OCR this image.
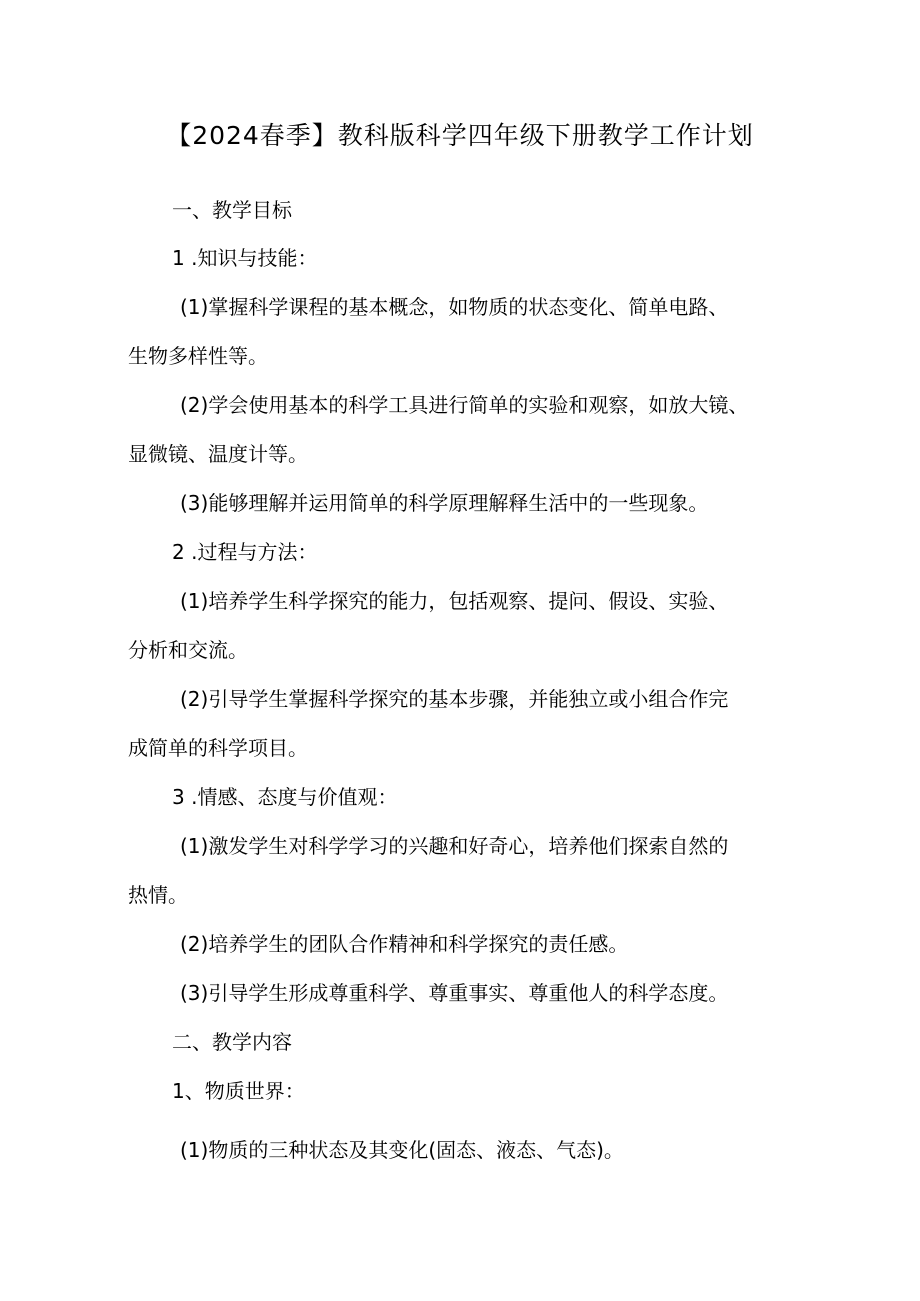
【2024春季】教科版科学四年级下册教学工作计划
一、教学目标
1 .知识与技能：
(1)掌握科学课程的基本概念，如物质的状态变化、简单电路、
生物多样性等。
(2)学会使用基本的科学工具进行简单的实验和观察，如放大镜、
显微镜、温度计等。
(3)能够理解并运用简单的科学原理解释生活中的一些现象。
2 .过程与方法：
(1)培养学生科学探究的能力，包括观察、提问、假设、实验、
分析和交流。
(2)引导学生掌握科学探究的基本步骤，并能独立或小组合作完
成简单的科学项目。
3 .情感、态度与价值观：
(1)激发学生对科学学习的兴趣和好奇心，培养他们探索自然的
热情。
(2)培养学生的团队合作精神和科学探究的责任感。
(3)引导学生形成尊重科学、尊重事实、尊重他人的科学态度。
二、教学内容
1、物质世界：
(1)物质的三种状态及其变化(固态、液态、气态)。
